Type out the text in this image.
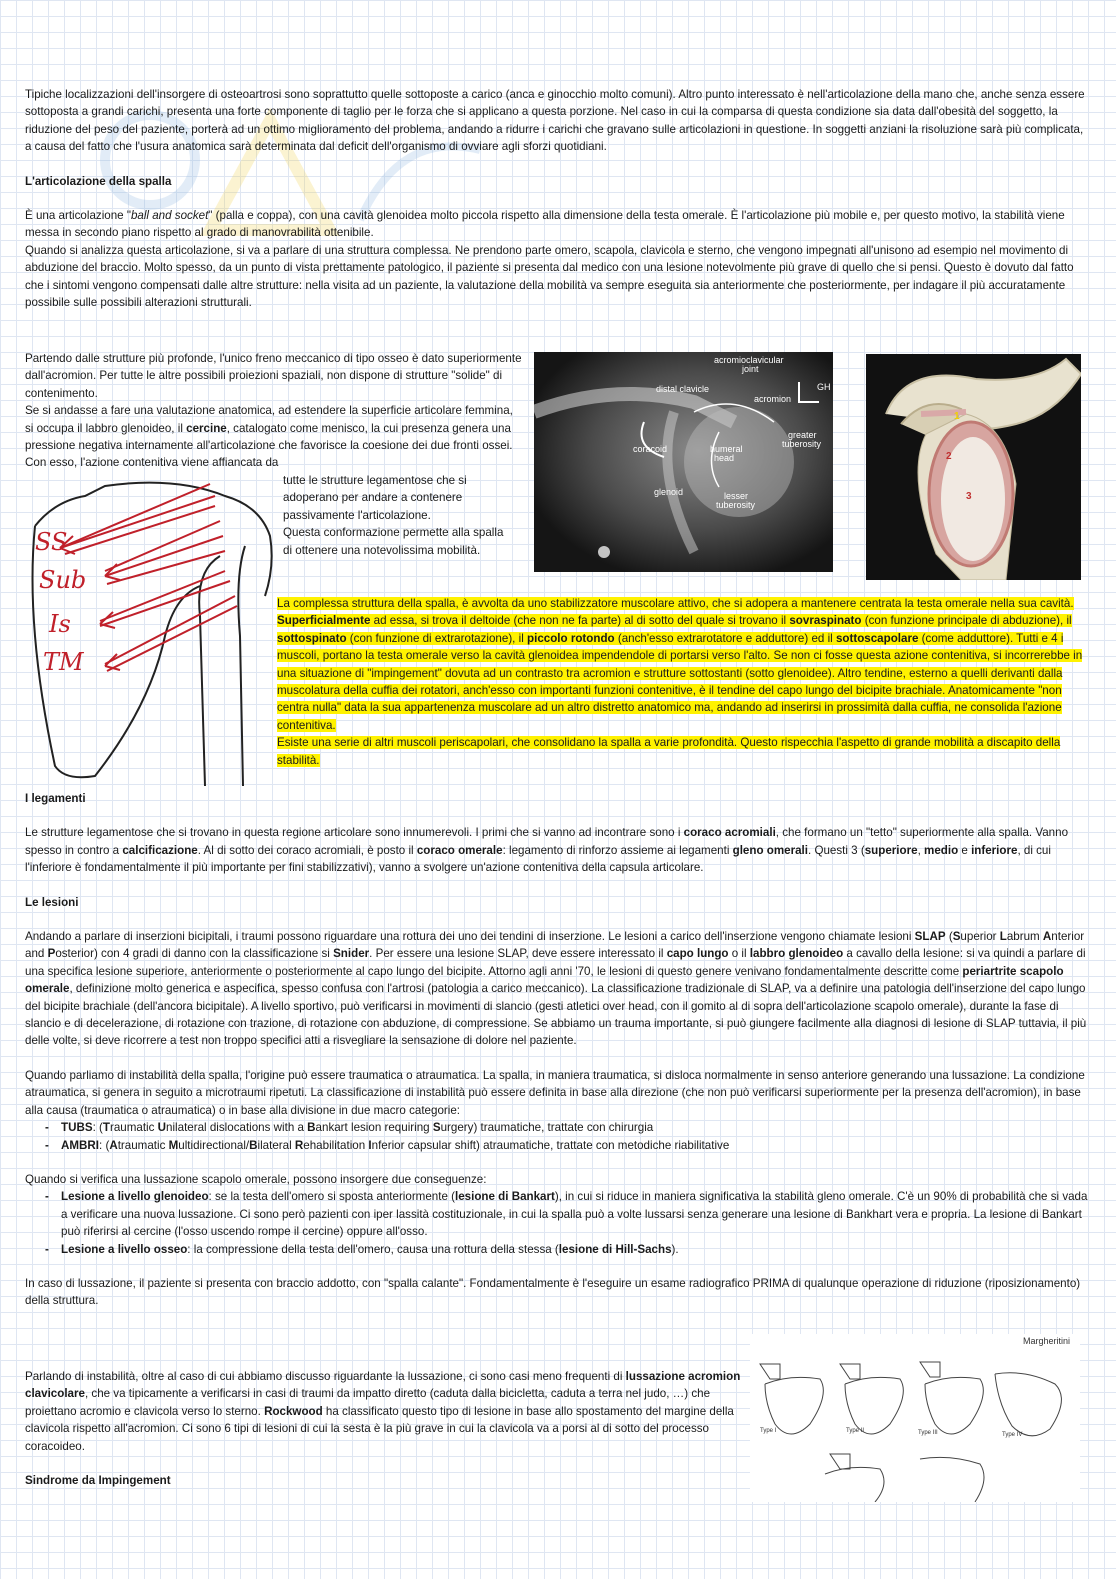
Tipiche localizzazioni dell'insorgere di osteoartrosi sono soprattutto quelle sottoposte a carico (anca e ginocchio molto comuni). Altro punto interessato è nell'articolazione della mano che, anche senza essere sottoposta a grandi carichi, presenta una forte componente di taglio per le forza che si applicano a questa porzione. Nel caso in cui la comparsa di questa condizione sia data dall'obesità del soggetto, la riduzione del peso del paziente, porterà ad un ottimo miglioramento del problema, andando a ridurre i carichi che gravano sulle articolazioni in questione. In soggetti anziani la risoluzione sarà più complicata, a causa del fatto che l'usura anatomica sarà determinata dal deficit dell'organismo di ovviare agli sforzi quotidiani.

L'articolazione della spalla

È una articolazione "ball and socket" (palla e coppa), con una cavità glenoidea molto piccola rispetto alla dimensione della testa omerale. È l'articolazione più mobile e, per questo motivo, la stabilità viene messa in secondo piano rispetto al grado di manovrabilità ottenibile.

Quando si analizza questa articolazione, si va a parlare di una struttura complessa. Ne prendono parte omero, scapola, clavicola e sterno, che vengono impegnati all'unisono ad esempio nel movimento di abduzione del braccio. Molto spesso, da un punto di vista prettamente patologico, il paziente si presenta dal medico con una lesione notevolmente più grave di quello che si pensi. Questo è dovuto dal fatto che i sintomi vengono compensati dalle altre strutture: nella visita ad un paziente, la valutazione della mobilità va sempre eseguita sia anteriormente che posteriormente, per indagare il più accuratamente possibile sulle possibili alterazioni strutturali.

Partendo dalle strutture più profonde, l'unico freno meccanico di tipo osseo è dato superiormente dall'acromion. Per tutte le altre possibili proiezioni spaziali, non dispone di strutture "solide" di contenimento.

Se si andasse a fare una valutazione anatomica, ad estendere la superficie articolare femmina, si occupa il labbro glenoideo, il cercine, catalogato come menisco, la cui presenza genera una pressione negativa internamente all'articolazione che favorisce la coesione dei due fronti ossei. Con esso, l'azione contenitiva viene affiancata da

tutte le strutture legamentose che si adoperano per andare a contenere passivamente l'articolazione.

Questa conformazione permette alla spalla di ottenere una notevolissima mobilità.

acromioclavicular
joint
distal clavicle
acromion
GH
greater
tuberosity
coracoid	humeral
head
glenoid	lesser
tuberosity
1
2
3
SS
Sub
Is
TM
La complessa struttura della spalla, è avvolta da uno stabilizzatore muscolare attivo, che si adopera a mantenere centrata la testa omerale nella sua cavità.
Superficialmente ad essa, si trova il deltoide (che non ne fa parte) al di sotto del quale si trovano il sovraspinato (con funzione principale di abduzione), il sottospinato (con funzione di extrarotazione), il piccolo rotondo (anch'esso extrarotatore e adduttore) ed il sottoscapolare (come adduttore). Tutti e 4 i muscoli, portano la testa omerale verso la cavità glenoidea impendendole di portarsi verso l'alto. Se non ci fosse questa azione contenitiva, si incorrerebbe in una situazione di "impingement" dovuta ad un contrasto tra acromion e strutture sottostanti (sotto glenoidee). Altro tendine, esterno a quelli derivanti dalla muscolatura della cuffia dei rotatori, anch'esso con importanti funzioni contenitive, è il tendine del capo lungo del bicipite brachiale. Anatomicamente "non centra nulla" data la sua appartenenza muscolare ad un altro distretto anatomico ma, andando ad inserirsi in prossimità dalla cuffia, ne consolida l'azione contenitiva.
Esiste una serie di altri muscoli periscapolari, che consolidano la spalla a varie profondità. Questo rispecchia l'aspetto di grande mobilità a discapito della stabilità.
I legamenti

Le strutture legamentose che si trovano in questa regione articolare sono innumerevoli. I primi che si vanno ad incontrare sono i coraco acromiali, che formano un "tetto" superiormente alla spalla. Vanno spesso in contro a calcificazione. Al di sotto dei coraco acromiali, è posto il coraco omerale: legamento di rinforzo assieme ai legamenti gleno omerali. Questi 3 (superiore, medio e inferiore, di cui l'inferiore è fondamentalmente il più importante per fini stabilizzativi), vanno a svolgere un'azione contenitiva della capsula articolare.

Le lesioni

Andando a parlare di inserzioni bicipitali, i traumi possono riguardare una rottura dei uno dei tendini di inserzione. Le lesioni a carico dell'inserzione vengono chiamate lesioni SLAP (Superior Labrum Anterior and Posterior) con 4 gradi di danno con la classificazione si Snider. Per essere una lesione SLAP, deve essere interessato il capo lungo o il labbro glenoideo a cavallo della lesione: si va quindi a parlare di una specifica lesione superiore, anteriormente o posteriormente al capo lungo del bicipite. Attorno agli anni '70, le lesioni di questo genere venivano fondamentalmente descritte come periartrite scapolo omerale, definizione molto generica e aspecifica, spesso confusa con l'artrosi (patologia a carico meccanico). La classificazione tradizionale di SLAP, va a definire una patologia dell'inserzione del capo lungo del bicipite brachiale (dell'ancora bicipitale). A livello sportivo, può verificarsi in movimenti di slancio (gesti atletici over head, con il gomito al di sopra dell'articolazione scapolo omerale), durante la fase di slancio e di decelerazione, di rotazione con trazione, di rotazione con abduzione, di compressione. Se abbiamo un trauma importante, si può giungere facilmente alla diagnosi di lesione di SLAP tuttavia, il più delle volte, si deve ricorrere a test non troppo specifici atti a risvegliare la sensazione di dolore nel paziente.

Quando parliamo di instabilità della spalla, l'origine può essere traumatica o atraumatica. La spalla, in maniera traumatica, si disloca normalmente in senso anteriore generando una lussazione. La condizione atraumatica, si genera in seguito a microtraumi ripetuti. La classificazione di instabilità può essere definita in base alla direzione (che non può verificarsi superiormente per la presenza dell'acromion), in base alla causa (traumatica o atraumatica) o in base alla divisione in due macro categorie:

- TUBS: (Traumatic Unilateral dislocations with a Bankart lesion requiring Surgery) traumatiche, trattate con chirurgia
- AMBRI: (Atraumatic Multidirectional/Bilateral Rehabilitation Inferior capsular shift) atraumatiche, trattate con metodiche riabilitative

Quando si verifica una lussazione scapolo omerale, possono insorgere due conseguenze:

- Lesione a livello glenoideo: se la testa dell'omero si sposta anteriormente (lesione di Bankart), in cui si riduce in maniera significativa la stabilità gleno omerale. C'è un 90% di probabilità che si vada a verificare una nuova lussazione. Ci sono però pazienti con iper lassità costituzionale, in cui la spalla può a volte lussarsi senza generare una lesione di Bankhart vera e propria. La lesione di Bankart può riferirsi al cercine (l'osso uscendo rompe il cercine) oppure all'osso.
- Lesione a livello osseo: la compressione della testa dell'omero, causa una rottura della stessa (lesione di Hill-Sachs).

In caso di lussazione, il paziente si presenta con braccio addotto, con "spalla calante". Fondamentalmente è l'eseguire un esame radiografico PRIMA di qualunque operazione di riduzione (riposizionamento) della struttura.

Parlando di instabilità, oltre al caso di cui abbiamo discusso riguardante la lussazione, ci sono casi meno frequenti di lussazione acromion clavicolare, che va tipicamente a verificarsi in casi di traumi da impatto diretto (caduta dalla bicicletta, caduta a terra nel judo, …) che proiettano acromio e clavicola verso lo sterno. Rockwood ha classificato questo tipo di lesione in base allo spostamento del margine della clavicola rispetto all'acromion. Ci sono 6 tipi di lesioni di cui la sesta è la più grave in cui la clavicola va a porsi al di sotto del processo coracoideo.

Sindrome da Impingement
Margheritini
Type I	Type II	Type III	Type IV
